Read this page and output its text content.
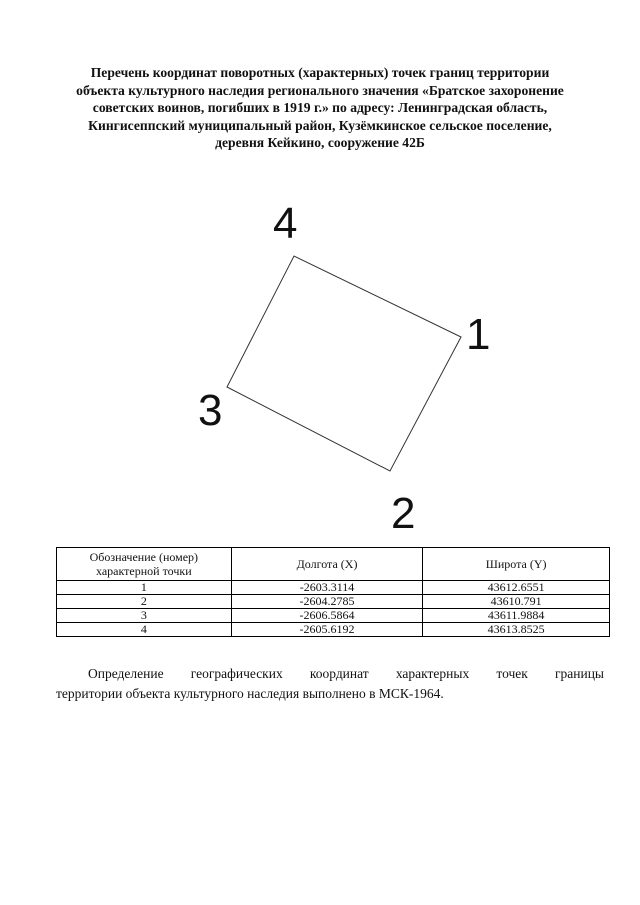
Перечень координат поворотных (характерных) точек границ территории
объекта культурного наследия регионального значения «Братское захоронение
советских воинов, погибших в 1919 г.» по адресу: Ленинградская область,
Кингисеппский муниципальный район, Кузёмкинское сельское поселение,
деревня Кейкино, сооружение 42Б
1
2
3
4
Обозначение (номер) характерной точки	Долгота (X)	Широта (Y)
1	-2603.3114	43612.6551
2	-2604.2785	43610.791
3	-2606.5864	43611.9884
4	-2605.6192	43613.8525
Определение географических координат характерных точек границы
территории объекта культурного наследия выполнено в МСК-1964.
